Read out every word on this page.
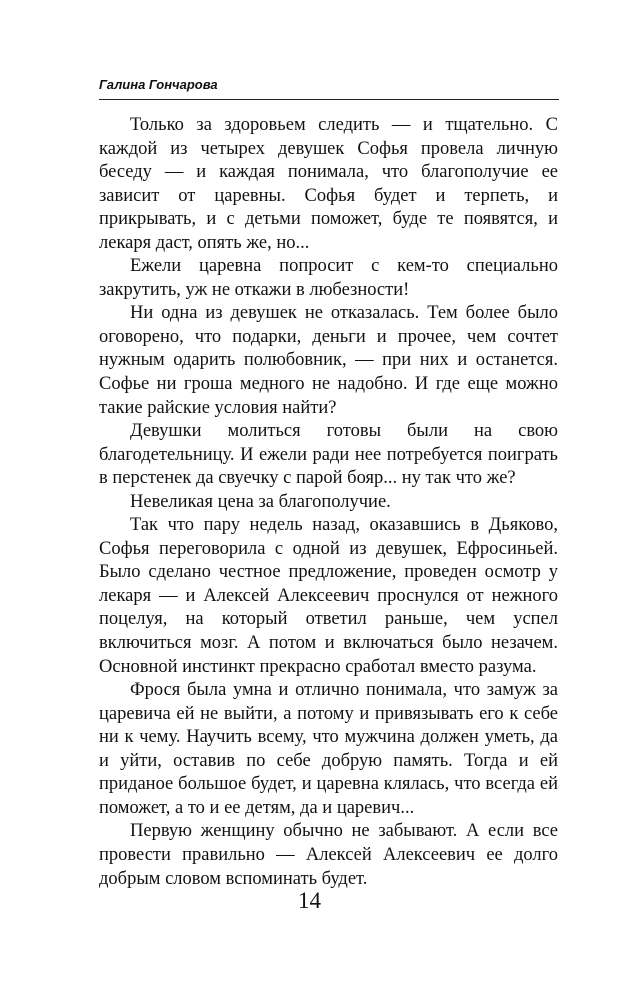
Галина Гончарова

Только за здоровьем следить — и тщательно. С каждой из четырех девушек Софья провела личную беседу — и каждая понимала, что благополучие ее зависит от царевны. Софья будет и терпеть, и прикрывать, и с детьми поможет, буде те появятся, и лекаря даст, опять же, но...

Ежели царевна попросит с кем-то специально закрутить, уж не откажи в любезности!

Ни одна из девушек не отказалась. Тем более было оговорено, что подарки, деньги и прочее, чем сочтет нужным одарить полюбовник, — при них и останется. Софье ни гроша медного не надобно. И где еще можно такие райские условия найти?

Девушки молиться готовы были на свою благодетельницу. И ежели ради нее потребуется поиграть в перстенек да свуечку с парой бояр... ну так что же?

Невеликая цена за благополучие.

Так что пару недель назад, оказавшись в Дьяково, Софья переговорила с одной из девушек, Ефросиньей. Было сделано честное предложение, проведен осмотр у лекаря — и Алексей Алексеевич проснулся от нежного поцелуя, на который ответил раньше, чем успел включиться мозг. А потом и включаться было незачем. Основной инстинкт прекрасно сработал вместо разума.

Фрося была умна и отлично понимала, что замуж за царевича ей не выйти, а потому и привязывать его к себе ни к чему. Научить всему, что мужчина должен уметь, да и уйти, оставив по себе добрую память. Тогда и ей приданое большое будет, и царевна клялась, что всегда ей поможет, а то и ее детям, да и царевич...

Первую женщину обычно не забывают. А если все провести правильно — Алексей Алексеевич ее долго добрым словом вспоминать будет.

14
